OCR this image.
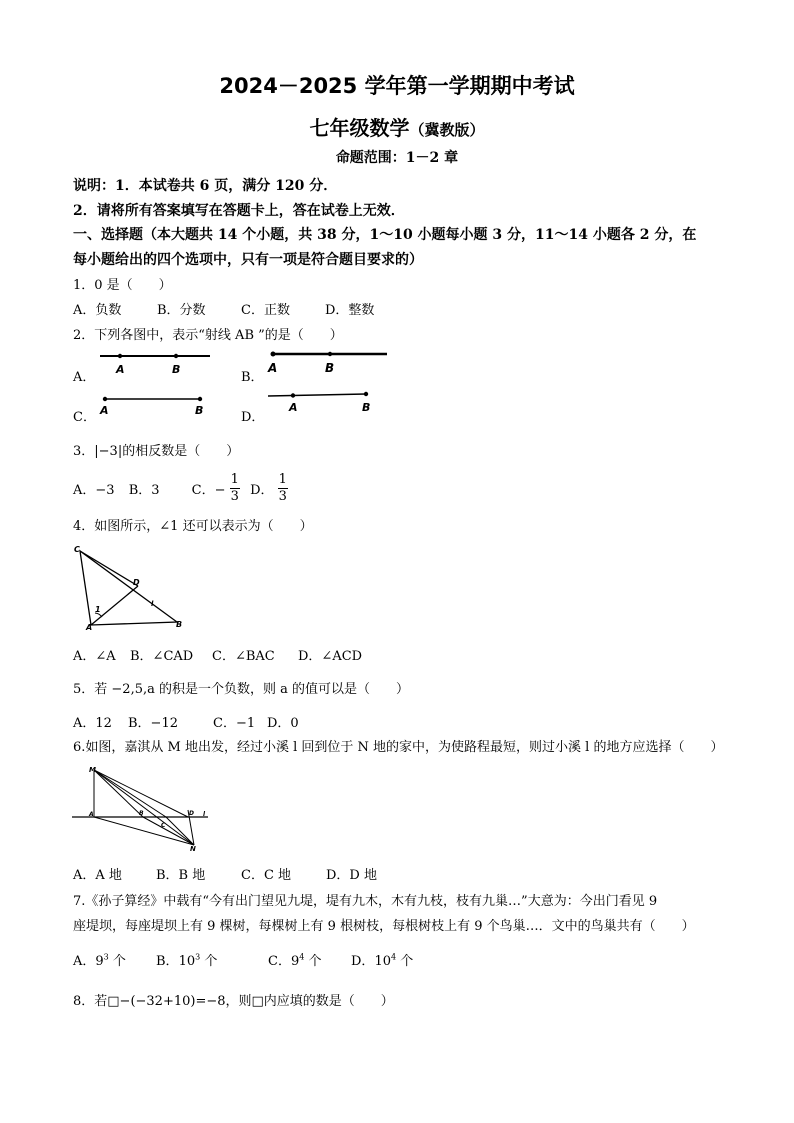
2024－2025 学年第一学期期中考试
七年级数学（冀教版）
命题范围：1－2 章
说明：1．本试卷共 6 页，满分 120 分．
2．请将所有答案填写在答题卡上，答在试卷上无效．
一、选择题（本大题共 14 个小题，共 38 分，1～10 小题每小题 3 分，11～14 小题各 2 分，在
每小题给出的四个选项中，只有一项是符合题目要求的）
1．0 是（　　）
A．负数	B．分数	C．正数	D．整数
2．下列各图中，表示“射线 AB ”的是（　　）
A．	B．
C．	D．
A	B	A	B
A	B	A	B
3．|−3|的相反数是（　　）
A．−3 B．3 C．− $\frac{1}{3}$ D． $\frac{1}{3}$
4．如图所示，∠1 还可以表示为（　　）
C
D
A	B
1
l
A．∠A B．∠CAD C．∠BAC D．∠ACD
5．若 −2,5,a 的积是一个负数，则 a 的值可以是（　　）
A．12 B．−12	C．−1 D．0
6.如图，嘉淇从 M 地出发，经过小溪 l 回到位于 N 地的家中，为使路程最短，则过小溪 l 的地方应选择（　　）
M
N
A	B
C
D l
A．A 地	B．B 地	C．C 地	D．D 地
7.《孙子算经》中载有“今有出门望见九堤，堤有九木，木有九枝，枝有九巢…”大意为：今出门看见 9
座堤坝，每座堤坝上有 9 棵树，每棵树上有 9 根树枝，每根树枝上有 9 个鸟巢…．文中的鸟巢共有（　　）
A．$9^3$ 个 B．$10^3$ 个	C．$9^4$ 个 D．$10^4$ 个
8．若□−(−32+10)=−8，则□内应填的数是（　　）
